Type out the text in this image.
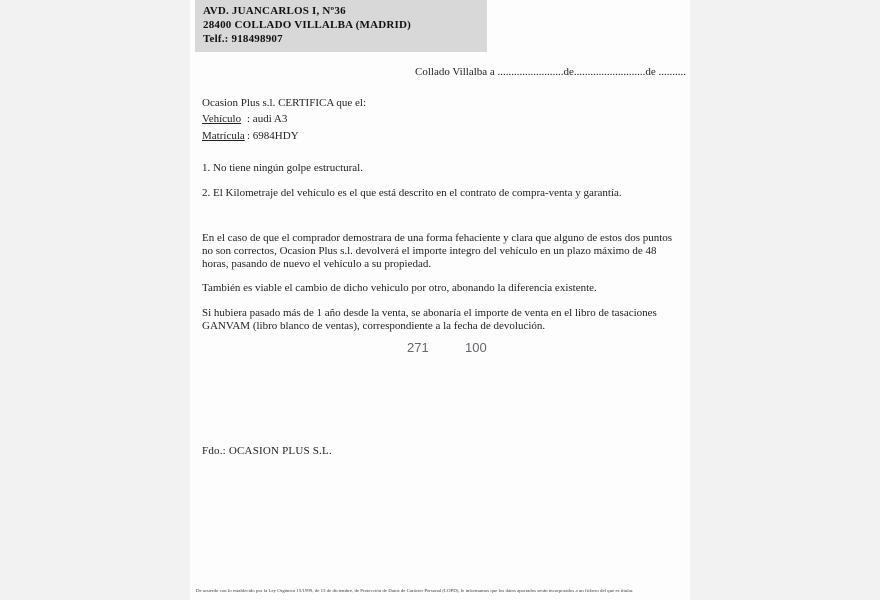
AVD. JUANCARLOS I, Nº36
28400 COLLADO VILLALBA (MADRID)
Telf.: 918498907
Collado Villalba a ........................de..........................de ..........
Ocasion Plus s.l. CERTIFICA que el:
Vehículo : audi A3
Matrícula : 6984HDY
1. No tiene ningún golpe estructural.
2. El Kilometraje del vehículo es el que está descrito en el contrato de compra-venta y garantía.
En el caso de que el comprador demostrara de una forma fehaciente y clara que alguno de estos dos puntos no son correctos, Ocasion Plus s.l. devolverá el importe integro del vehículo en un plazo máximo de 48 horas, pasando de nuevo el vehículo a su propiedad.
También es viable el cambio de dicho vehiculo por otro, abonando la diferencia existente.
Si hubiera pasado más de 1 año desde la venta, se abonaría el importe de venta en el libro de tasaciones GANVAM (libro blanco de ventas), correspondiente a la fecha de devolución.
271	100
Fdo.: OCASION PLUS S.L.
De acuerdo con lo establecido por la Ley Orgánica 15/1999, de 13 de diciembre, de Protección de Datos de Carácter Personal (LOPD), le informamos que los datos aportados serán incorporados a un fichero del que es titular.
